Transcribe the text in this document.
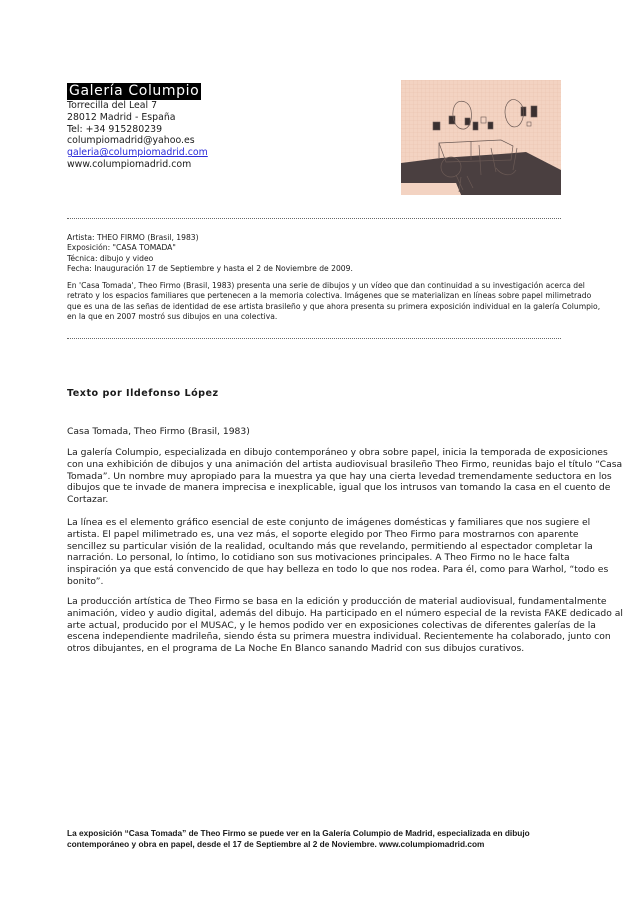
Galería Columpio
Torrecilla del Leal 7
28012 Madrid - España
Tel: +34 915280239
columpiomadrid@yahoo.es
galeria@columpiomadrid.com
www.columpiomadrid.com
Artista: THEO FIRMO (Brasil, 1983)
Exposición: "CASA TOMADA"
Técnica: dibujo y video
Fecha: Inauguración 17 de Septiembre y hasta el 2 de Noviembre de 2009.
En 'Casa Tomada', Theo Firmo (Brasil, 1983) presenta una serie de dibujos y un vídeo que dan continuidad a su investigación acerca del
retrato y los espacios familiares que pertenecen a la memoria colectiva. Imágenes que se materializan en líneas sobre papel milimetrado
que es una de las señas de identidad de ese artista brasileño y que ahora presenta su primera exposición individual en la galería Columpio,
en la que en 2007 mostró sus dibujos en una colectiva.
Texto por Ildefonso López
Casa Tomada, Theo Firmo (Brasil, 1983)
La galería Columpio, especializada en dibujo contemporáneo y obra sobre papel, inicia la temporada de exposiciones
con una exhibición de dibujos y una animación del artista audiovisual brasileño Theo Firmo, reunidas bajo el título “Casa
Tomada”. Un nombre muy apropiado para la muestra ya que hay una cierta levedad tremendamente seductora en los
dibujos que te invade de manera imprecisa e inexplicable, igual que los intrusos van tomando la casa en el cuento de
Cortazar.
La línea es el elemento gráfico esencial de este conjunto de imágenes domésticas y familiares que nos sugiere el
artista. El papel milimetrado es, una vez más, el soporte elegido por Theo Firmo para mostrarnos con aparente
sencillez su particular visión de la realidad, ocultando más que revelando, permitiendo al espectador completar la
narración. Lo personal, lo íntimo, lo cotidiano son sus motivaciones principales. A Theo Firmo no le hace falta
inspiración ya que está convencido de que hay belleza en todo lo que nos rodea. Para él, como para Warhol, “todo es
bonito”.
La producción artística de Theo Firmo se basa en la edición y producción de material audiovisual, fundamentalmente
animación, video y audio digital, además del dibujo. Ha participado en el número especial de la revista FAKE dedicado al
arte actual, producido por el MUSAC, y le hemos podido ver en exposiciones colectivas de diferentes galerías de la
escena independiente madrileña, siendo ésta su primera muestra individual. Recientemente ha colaborado, junto con
otros dibujantes, en el programa de La Noche En Blanco sanando Madrid con sus dibujos curativos.
La exposición “Casa Tomada” de Theo Firmo se puede ver en la Galería Columpio de Madrid, especializada en dibujo
contemporáneo y obra en papel, desde el 17 de Septiembre al 2 de Noviembre. www.columpiomadrid.com
